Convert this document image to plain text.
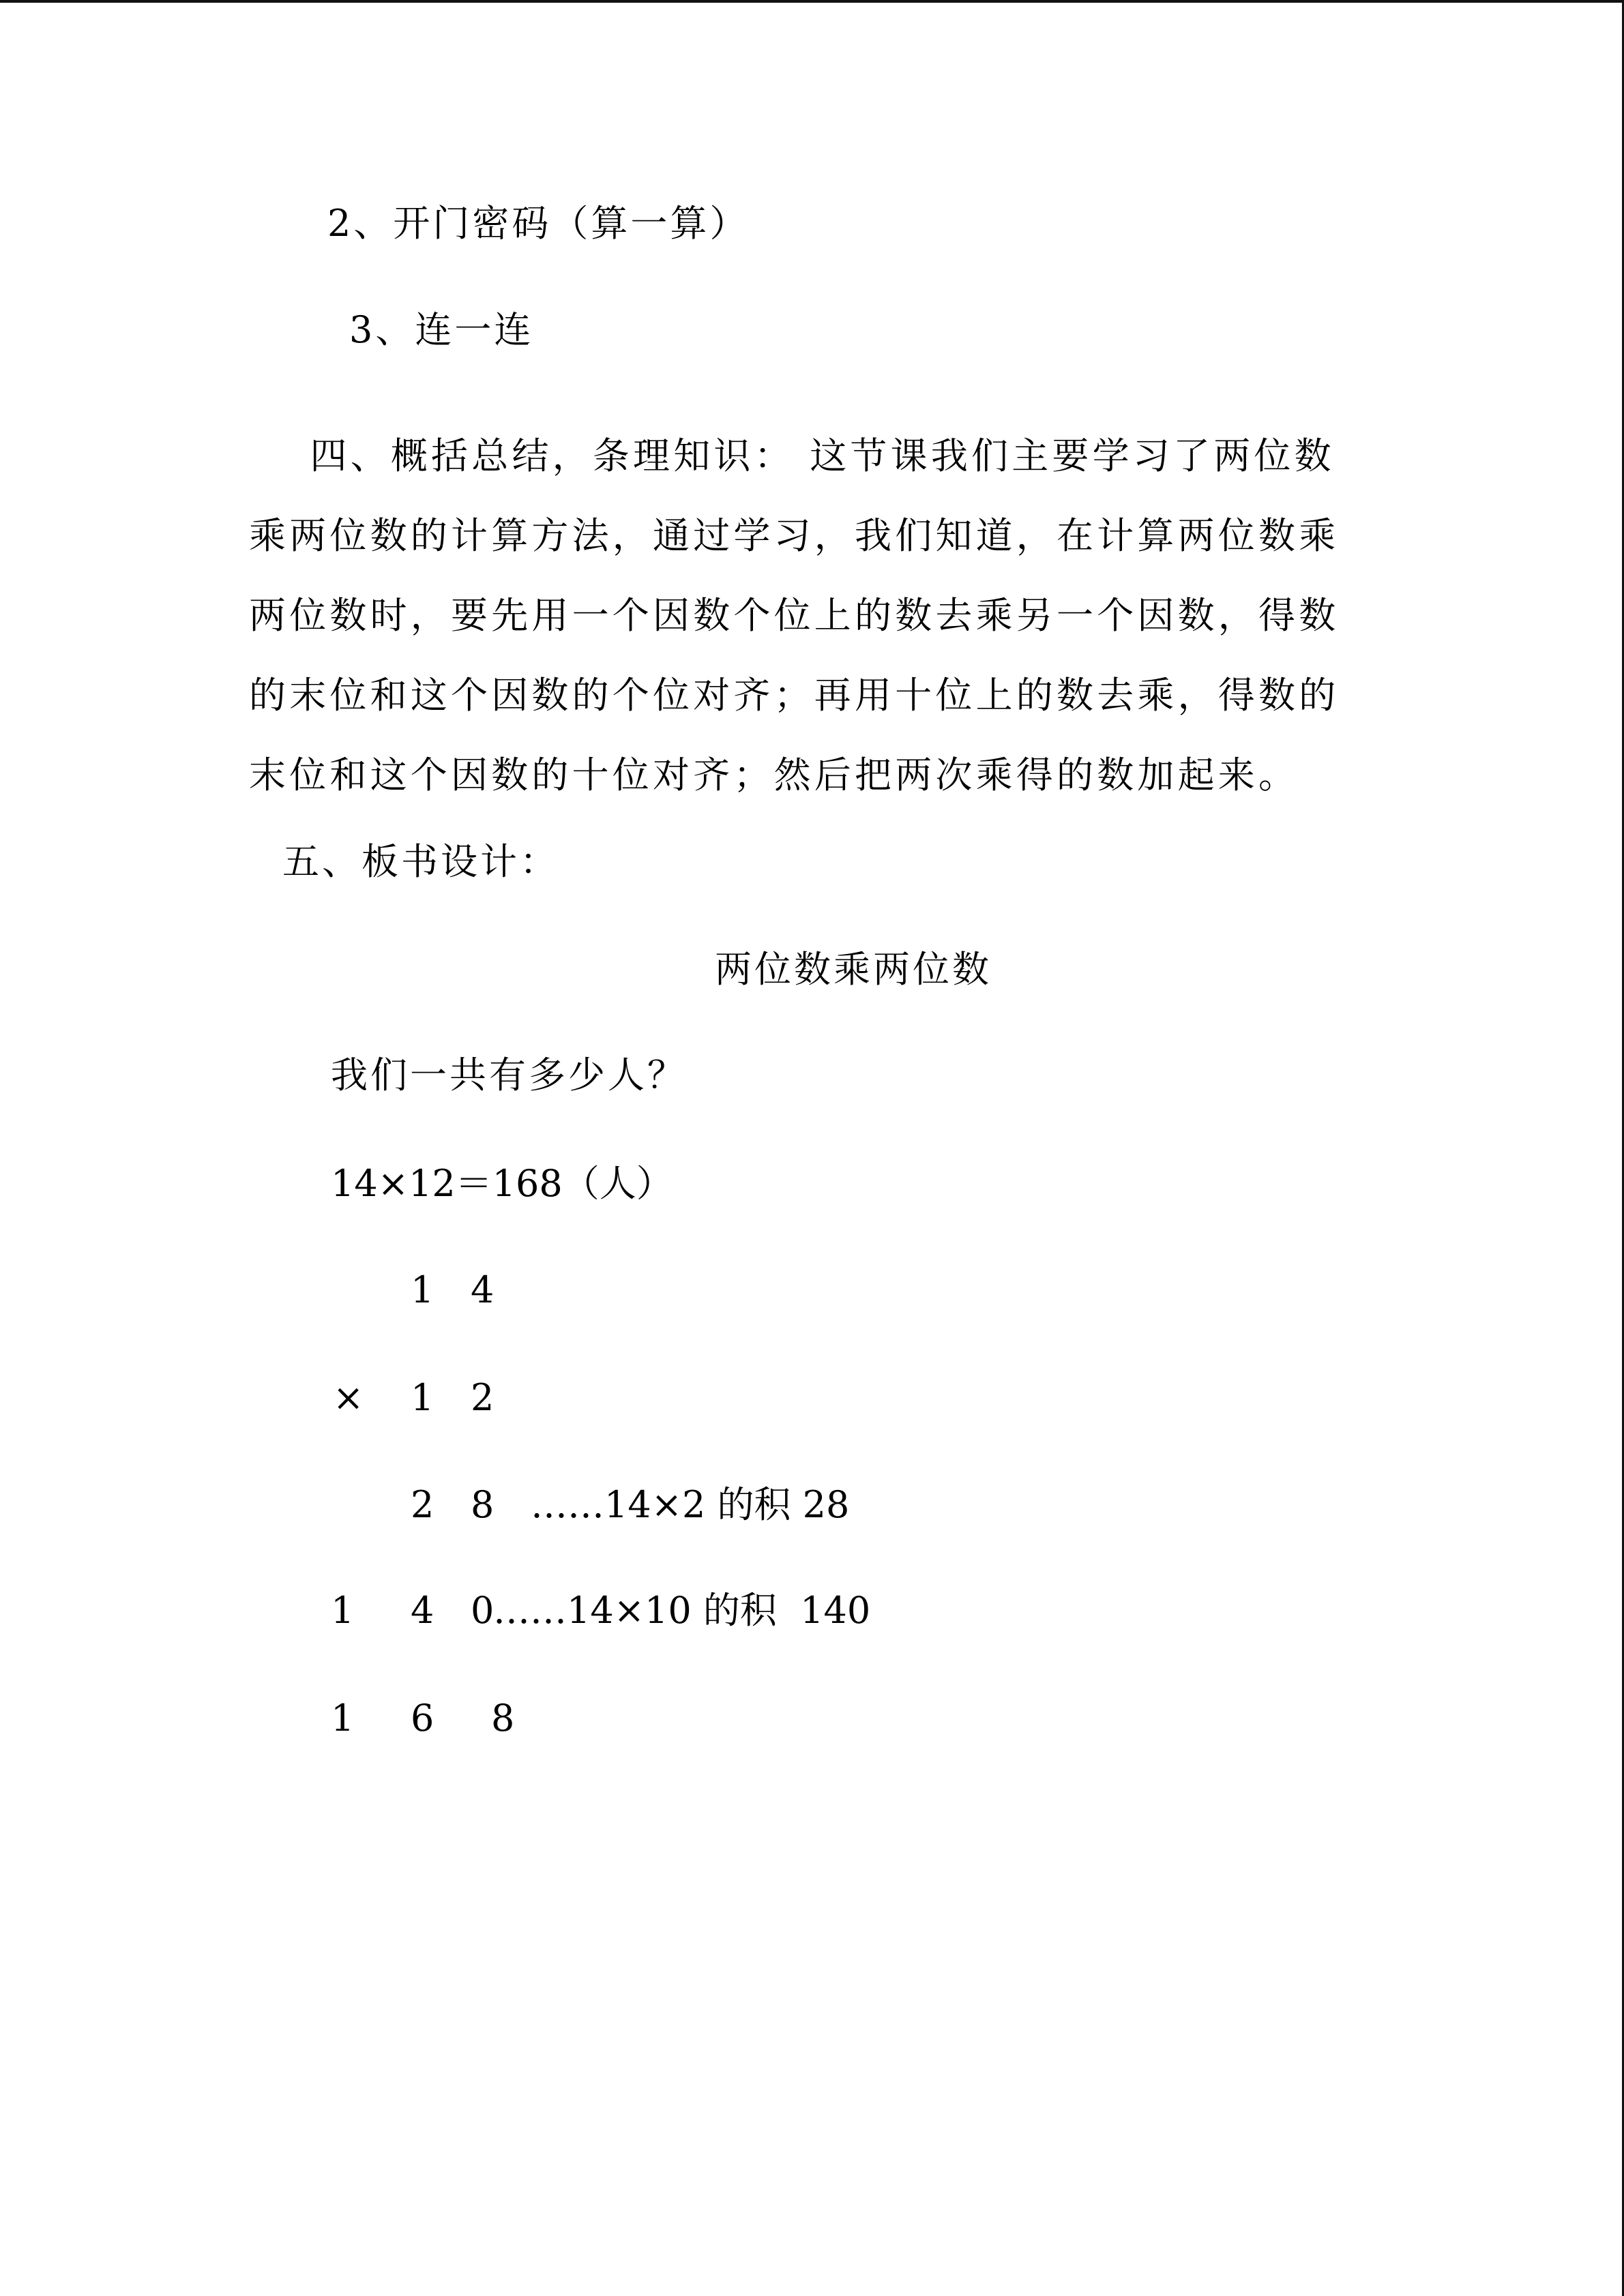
2、开门密码（算一算）
3、连一连
四、概括总结，条理知识： 这节课我们主要学习了两位数
乘两位数的计算方法，通过学习，我们知道，在计算两位数乘
两位数时，要先用一个因数个位上的数去乘另一个因数，得数
的末位和这个因数的个位对齐；再用十位上的数去乘，得数的
末位和这个因数的十位对齐；然后把两次乘得的数加起来。
五、板书设计：
两位数乘两位数
我们一共有多少人？
14×12＝168（人）
1 4
× 1 2
2 8 ……14×2 的积 28
1 4 0
……14×10 的积  140
1 6 8
